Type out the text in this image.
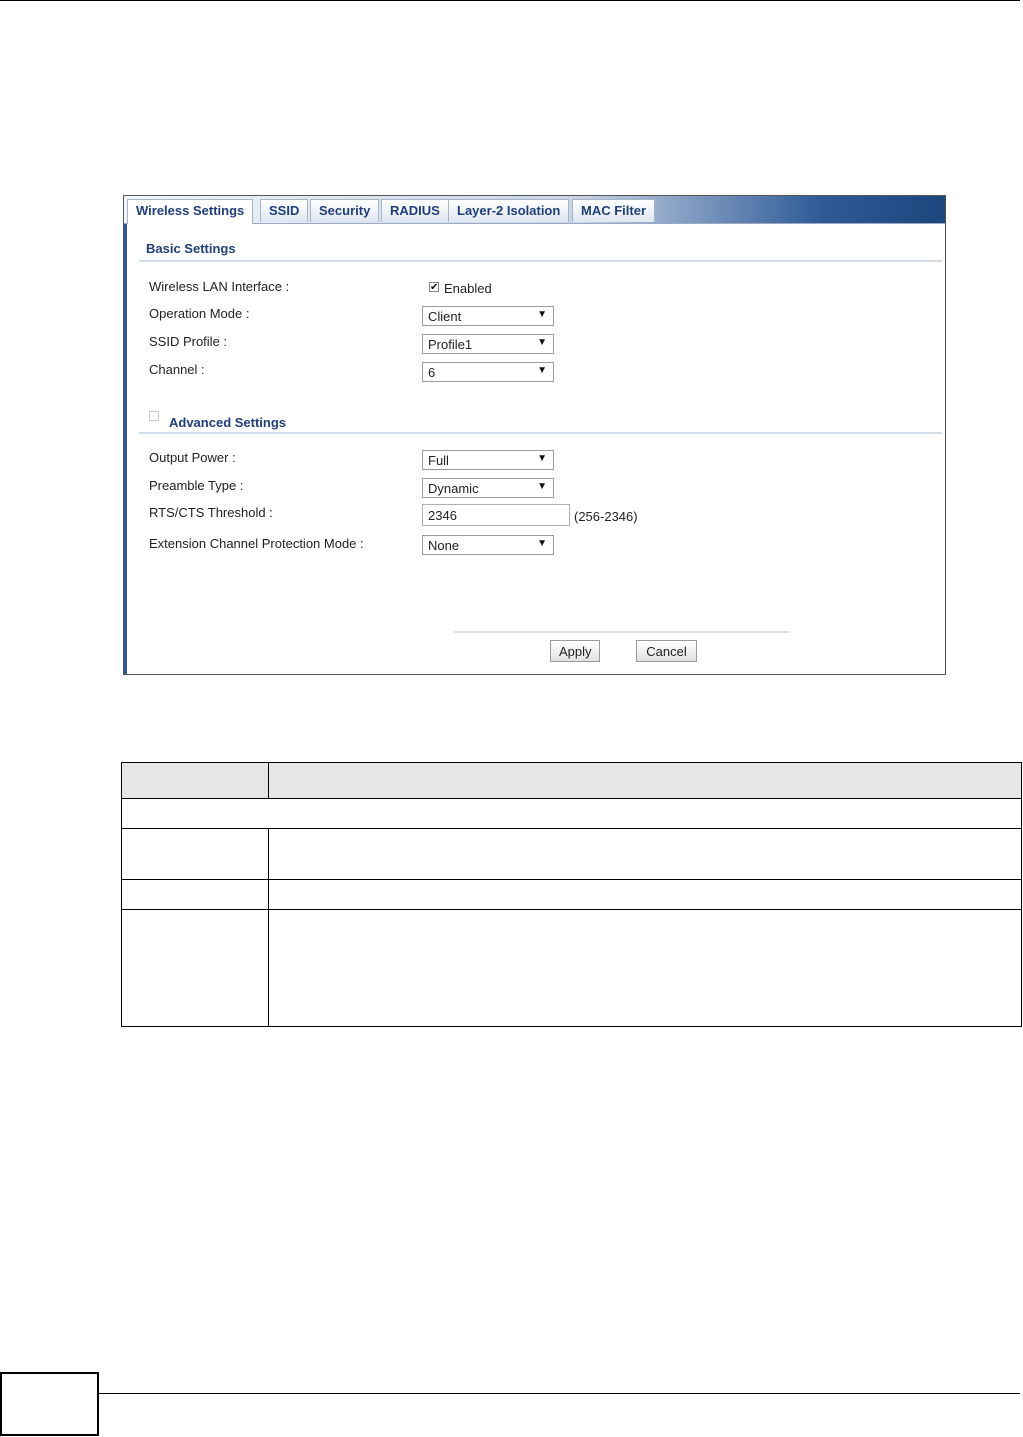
Wireless Settings	SSID	Security	RADIUS	Layer-2 Isolation	MAC Filter
Basic Settings
Wireless LAN Interface :	✔ Enabled
Operation Mode :	Client	▼
SSID Profile :	Profile1	▼
Channel :	6	▼
Advanced Settings
Output Power :	Full	▼
Preamble Type :	Dynamic	▼
RTS/CTS Threshold :	2346	(256-2346)
Extension Channel Protection Mode :	None	▼
Apply	Cancel
